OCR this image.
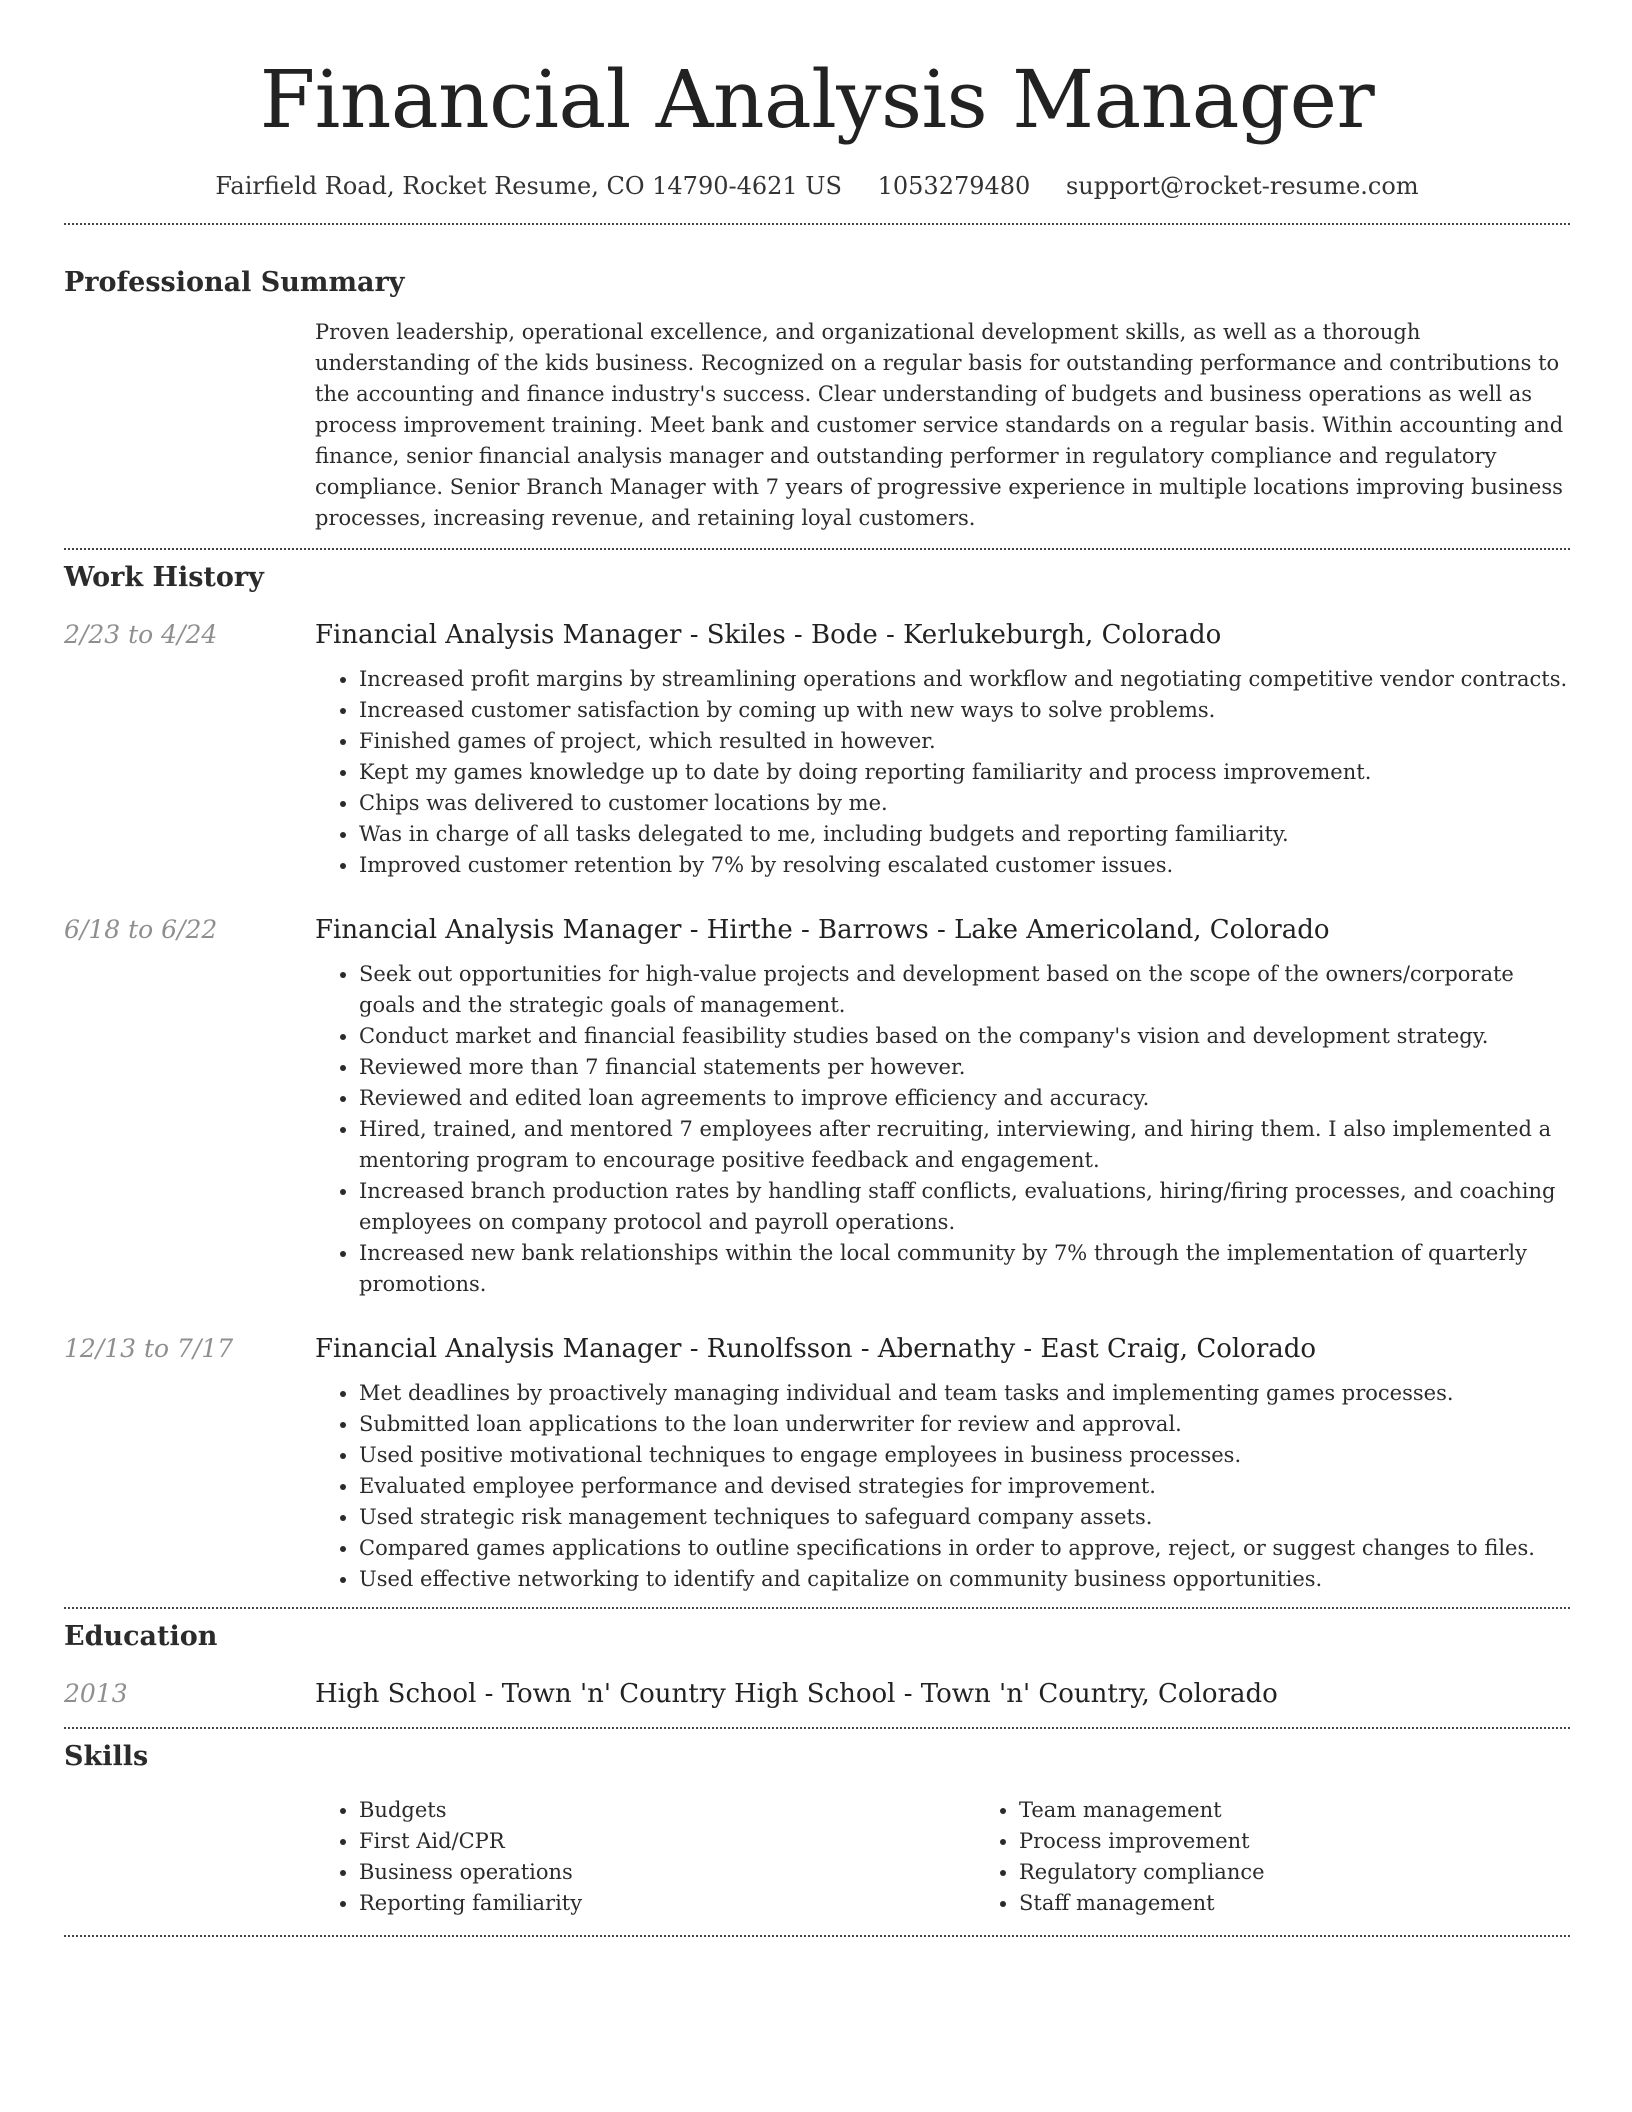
Financial Analysis Manager
Fairfield Road, Rocket Resume, CO 14790-4621 US 1053279480 support@rocket-resume.com
Professional Summary
Proven leadership, operational excellence, and organizational development skills, as well as a thorough understanding of the kids business. Recognized on a regular basis for outstanding performance and contributions to the accounting and finance industry's success. Clear understanding of budgets and business operations as well as process improvement training. Meet bank and customer service standards on a regular basis. Within accounting and finance, senior financial analysis manager and outstanding performer in regulatory compliance and regulatory compliance. Senior Branch Manager with 7 years of progressive experience in multiple locations improving business processes, increasing revenue, and retaining loyal customers.
Work History
2/23 to 4/24	Financial Analysis Manager - Skiles - Bode - Kerlukeburgh, Colorado
• Increased profit margins by streamlining operations and workflow and negotiating competitive vendor contracts.
• Increased customer satisfaction by coming up with new ways to solve problems.
• Finished games of project, which resulted in however.
• Kept my games knowledge up to date by doing reporting familiarity and process improvement.
• Chips was delivered to customer locations by me.
• Was in charge of all tasks delegated to me, including budgets and reporting familiarity.
• Improved customer retention by 7% by resolving escalated customer issues.
6/18 to 6/22	Financial Analysis Manager - Hirthe - Barrows - Lake Americoland, Colorado
• Seek out opportunities for high-value projects and development based on the scope of the owners/corporate goals and the strategic goals of management.
• Conduct market and financial feasibility studies based on the company's vision and development strategy.
• Reviewed more than 7 financial statements per however.
• Reviewed and edited loan agreements to improve efficiency and accuracy.
• Hired, trained, and mentored 7 employees after recruiting, interviewing, and hiring them. I also implemented a mentoring program to encourage positive feedback and engagement.
• Increased branch production rates by handling staff conflicts, evaluations, hiring/firing processes, and coaching employees on company protocol and payroll operations.
• Increased new bank relationships within the local community by 7% through the implementation of quarterly promotions.
12/13 to 7/17	Financial Analysis Manager - Runolfsson - Abernathy - East Craig, Colorado
• Met deadlines by proactively managing individual and team tasks and implementing games processes.
• Submitted loan applications to the loan underwriter for review and approval.
• Used positive motivational techniques to engage employees in business processes.
• Evaluated employee performance and devised strategies for improvement.
• Used strategic risk management techniques to safeguard company assets.
• Compared games applications to outline specifications in order to approve, reject, or suggest changes to files.
• Used effective networking to identify and capitalize on community business opportunities.
Education
2013	High School - Town 'n' Country High School - Town 'n' Country, Colorado
Skills
• Budgets
• First Aid/CPR
• Business operations
• Reporting familiarity
• Team management
• Process improvement
• Regulatory compliance
• Staff management
